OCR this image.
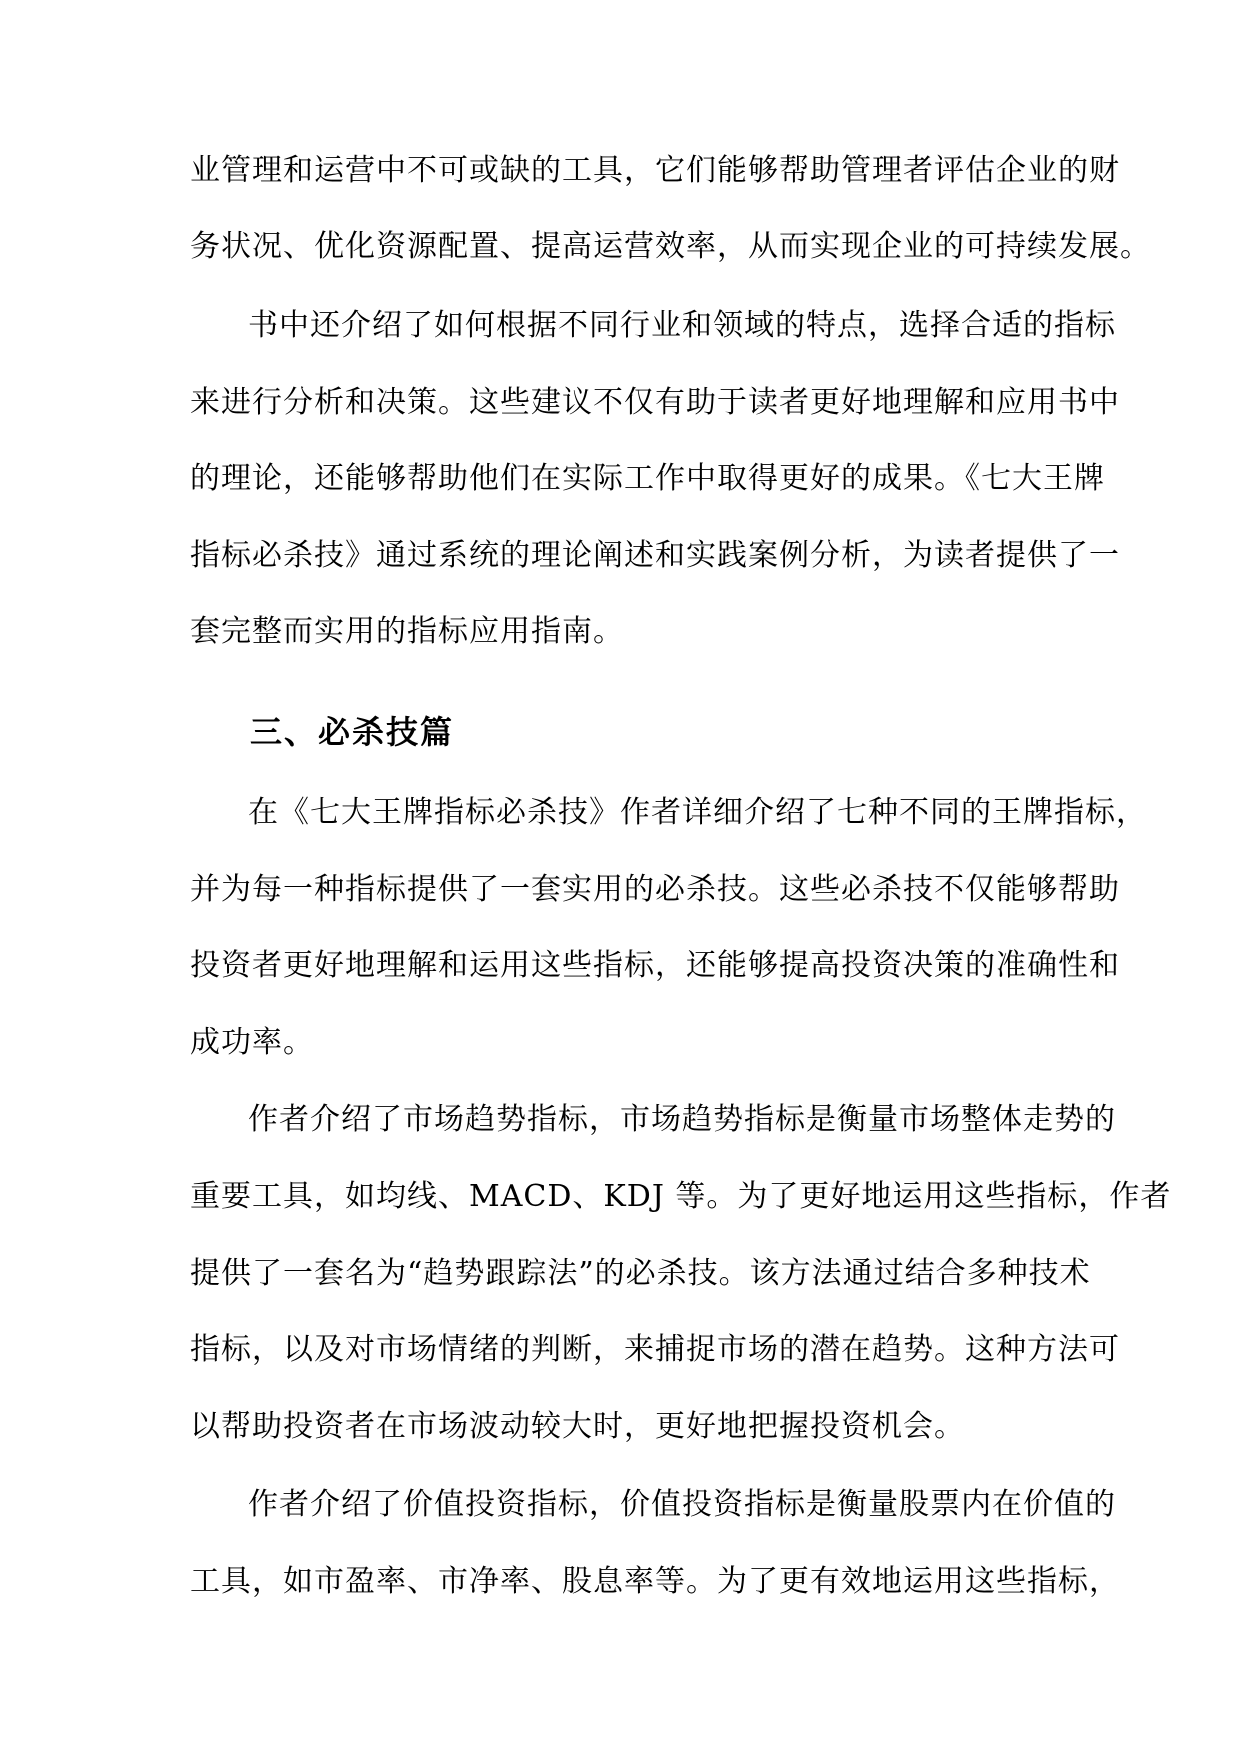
业管理和运营中不可或缺的工具，它们能够帮助管理者评估企业的财
务状况、优化资源配置、提高运营效率，从而实现企业的可持续发展。
书中还介绍了如何根据不同行业和领域的特点，选择合适的指标
来进行分析和决策。这些建议不仅有助于读者更好地理解和应用书中
的理论，还能够帮助他们在实际工作中取得更好的成果。《七大王牌
指标必杀技》通过系统的理论阐述和实践案例分析，为读者提供了一
套完整而实用的指标应用指南。
三、必杀技篇
在《七大王牌指标必杀技》作者详细介绍了七种不同的王牌指标，
并为每一种指标提供了一套实用的必杀技。这些必杀技不仅能够帮助
投资者更好地理解和运用这些指标，还能够提高投资决策的准确性和
成功率。
作者介绍了市场趋势指标，市场趋势指标是衡量市场整体走势的
重要工具，如均线、MACD、KDJ 等。为了更好地运用这些指标，作者
提供了一套名为“趋势跟踪法”的必杀技。该方法通过结合多种技术
指标，以及对市场情绪的判断，来捕捉市场的潜在趋势。这种方法可
以帮助投资者在市场波动较大时，更好地把握投资机会。
作者介绍了价值投资指标，价值投资指标是衡量股票内在价值的
工具，如市盈率、市净率、股息率等。为了更有效地运用这些指标，
